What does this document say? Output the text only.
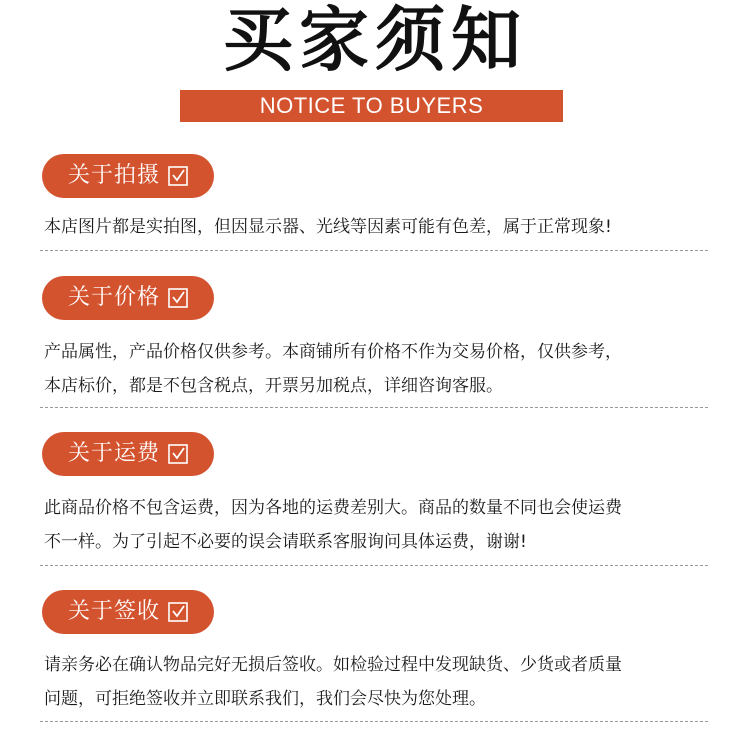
买家须知
NOTICE TO BUYERS
关于拍摄
本店图片都是实拍图，但因显示器、光线等因素可能有色差，属于正常现象!
关于价格
产品属性，产品价格仅供参考。本商铺所有价格不作为交易价格，仅供参考，
本店标价，都是不包含税点，开票另加税点，详细咨询客服。
关于运费
此商品价格不包含运费，因为各地的运费差别大。商品的数量不同也会使运费
不一样。为了引起不必要的误会请联系客服询问具体运费，谢谢!
关于签收
请亲务必在确认物品完好无损后签收。如检验过程中发现缺货、少货或者质量
问题，可拒绝签收并立即联系我们，我们会尽快为您处理。
